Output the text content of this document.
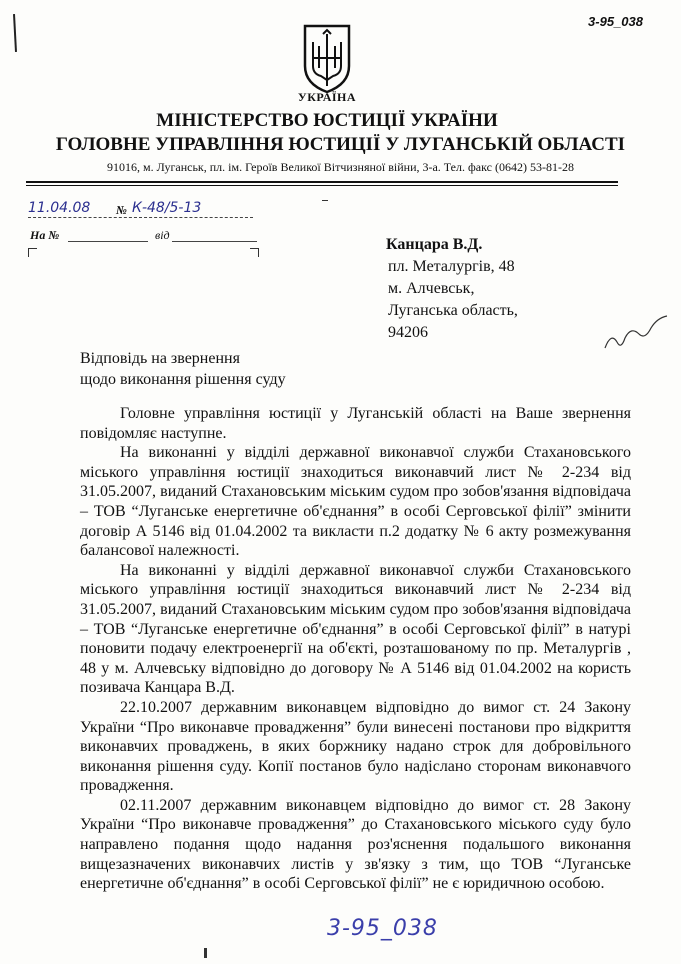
3-95_038
УКРАЇНА
МІНІСТЕРСТВО ЮСТИЦІЇ УКРАЇНИ
ГОЛОВНЕ УПРАВЛІННЯ ЮСТИЦІЇ У ЛУГАНСЬКІЙ ОБЛАСТІ
91016, м. Луганськ, пл. ім. Героїв Великої Вітчизняної війни, 3-а. Тел. факс (0642) 53-81-28
11.04.08 № К-48/5-13
На №	від
Канцара В.Д.
пл. Металургів, 48
м. Алчевськ,
Луганська область,
94206
Відповідь на звернення
щодо виконання рішення суду

Головне управління юстиції у Луганській області на Ваше звернення повідомляє наступне.

На виконанні у відділі державної виконавчої служби Стахановського міського управління юстиції знаходиться виконавчий лист № 2-234 від 31.05.2007, виданий Стахановським міським судом про зобов'язання відповідача – ТОВ “Луганське енергетичне об'єднання” в особі Серговської філії” змінити договір А 5146 від 01.04.2002 та викласти п.2 додатку № 6 акту розмежування балансової належності.

На виконанні у відділі державної виконавчої служби Стахановського міського управління юстиції знаходиться виконавчий лист № 2-234 від 31.05.2007, виданий Стахановським міським судом про зобов'язання відповідача – ТОВ “Луганське енергетичне об'єднання” в особі Серговської філії” в натурі поновити подачу електроенергії на об'єкті, розташованому по пр. Металургів , 48 у м. Алчевську відповідно до договору № А 5146 від 01.04.2002 на користь позивача Канцара В.Д.

22.10.2007 державним виконавцем відповідно до вимог ст. 24 Закону України “Про виконавче провадження” були винесені постанови про відкриття виконавчих проваджень, в яких боржнику надано строк для добровільного виконання рішення суду. Копії постанов було надіслано сторонам виконавчого провадження.

02.11.2007 державним виконавцем відповідно до вимог ст. 28 Закону України “Про виконавче провадження” до Стахановського міського суду було направлено подання щодо надання роз'яснення подальшого виконання вищезазначених виконавчих листів у зв'язку з тим, що ТОВ “Луганське енергетичне об'єднання” в особі Серговської філії” не є юридичною особою.

3-95_038
